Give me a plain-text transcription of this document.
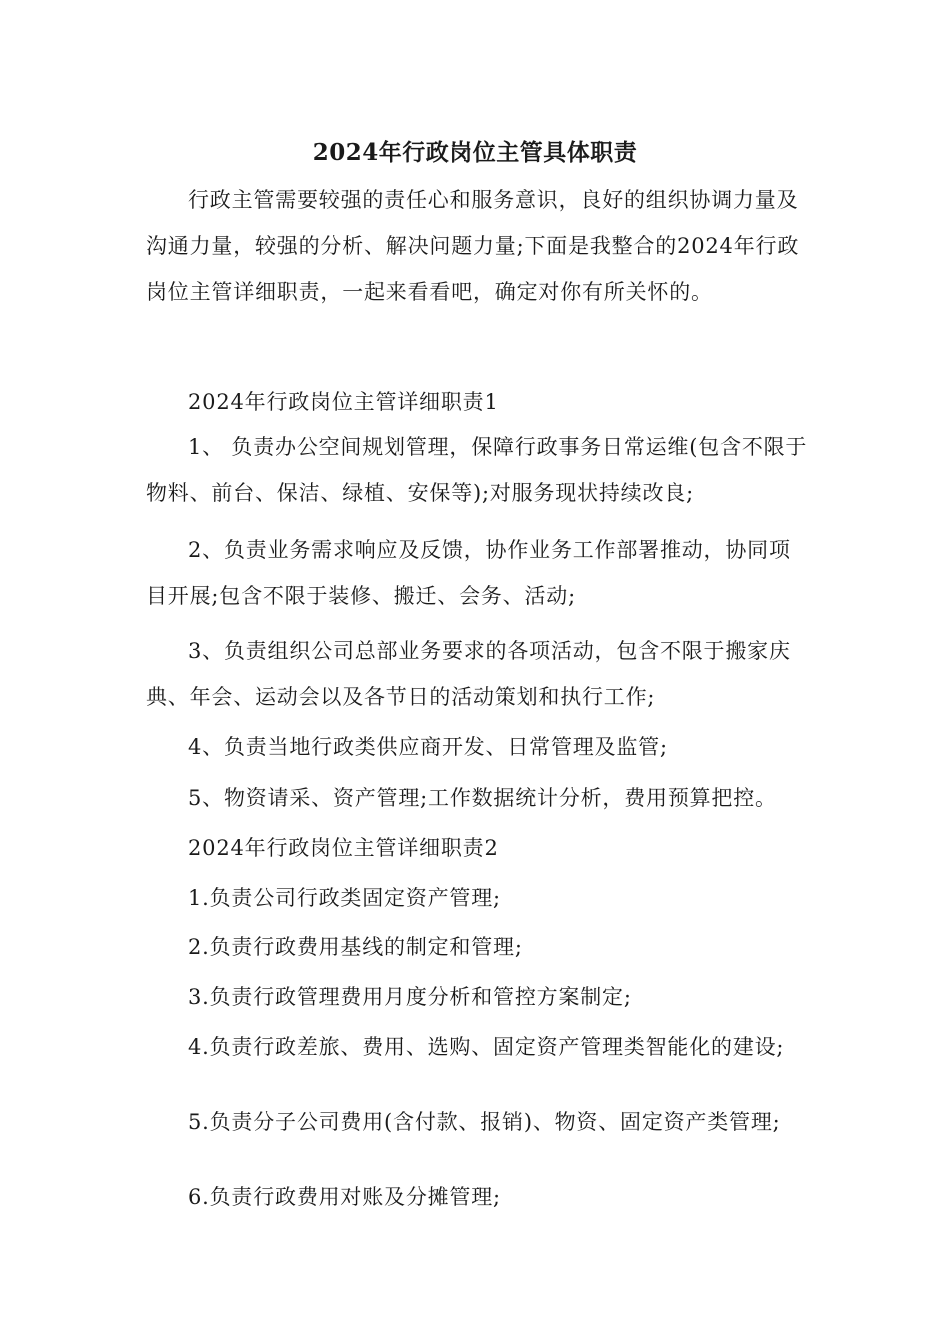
2024年行政岗位主管具体职责

行政主管需要较强的责任心和服务意识，良好的组织协调力量及沟通力量，较强的分析、解决问题力量;下面是我整合的2024年行政岗位主管详细职责，一起来看看吧，确定对你有所关怀的。

2024年行政岗位主管详细职责1

1、 负责办公空间规划管理，保障行政事务日常运维(包含不限于物料、前台、保洁、绿植、安保等);对服务现状持续改良;

2、负责业务需求响应及反馈，协作业务工作部署推动，协同项目开展;包含不限于装修、搬迁、会务、活动;

3、负责组织公司总部业务要求的各项活动，包含不限于搬家庆典、年会、运动会以及各节日的活动策划和执行工作;

4、负责当地行政类供应商开发、日常管理及监管;

5、物资请采、资产管理;工作数据统计分析，费用预算把控。

2024年行政岗位主管详细职责2

1.负责公司行政类固定资产管理;

2.负责行政费用基线的制定和管理;

3.负责行政管理费用月度分析和管控方案制定;

4.负责行政差旅、费用、选购、固定资产管理类智能化的建设;

5.负责分子公司费用(含付款、报销)、物资、固定资产类管理;

6.负责行政费用对账及分摊管理;
